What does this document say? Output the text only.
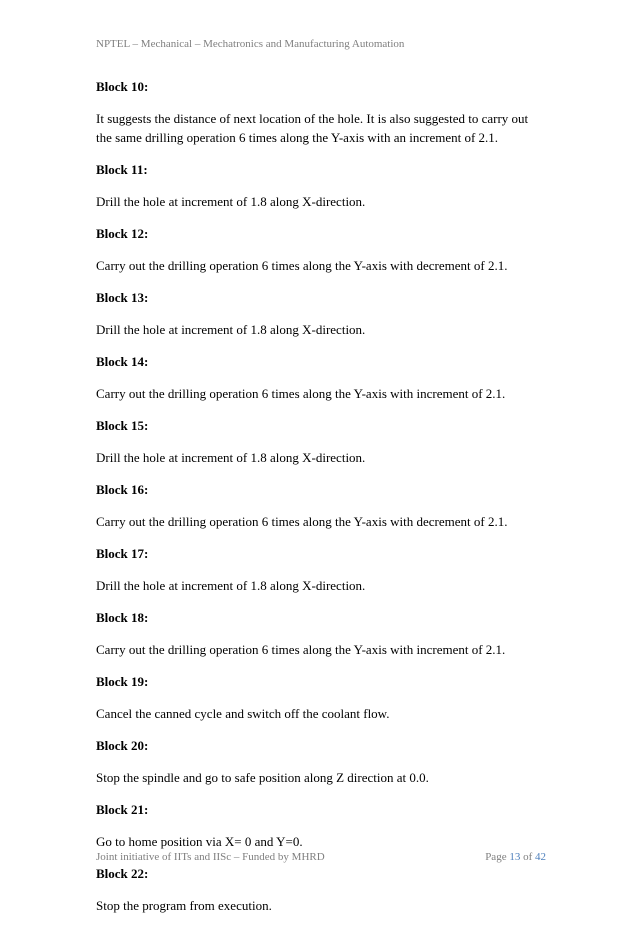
NPTEL – Mechanical – Mechatronics and Manufacturing Automation

Block 10:

It suggests the distance of next location of the hole. It is also suggested to carry out the same drilling operation 6 times along the Y-axis with an increment of 2.1.

Block 11:

Drill the hole at increment of 1.8 along X-direction.

Block 12:

Carry out the drilling operation 6 times along the Y-axis with decrement of 2.1.

Block 13:

Drill the hole at increment of 1.8 along X-direction.

Block 14:

Carry out the drilling operation 6 times along the Y-axis with increment of 2.1.

Block 15:

Drill the hole at increment of 1.8 along X-direction.

Block 16:

Carry out the drilling operation 6 times along the Y-axis with decrement of 2.1.

Block 17:

Drill the hole at increment of 1.8 along X-direction.

Block 18:

Carry out the drilling operation 6 times along the Y-axis with increment of 2.1.

Block 19:

Cancel the canned cycle and switch off the coolant flow.

Block 20:

Stop the spindle and go to safe position along Z direction at 0.0.

Block 21:

Go to home position via X= 0 and Y=0.

Block 22:

Stop the program from execution.

Joint initiative of IITs and IISc – Funded by MHRD	Page 13 of 42
